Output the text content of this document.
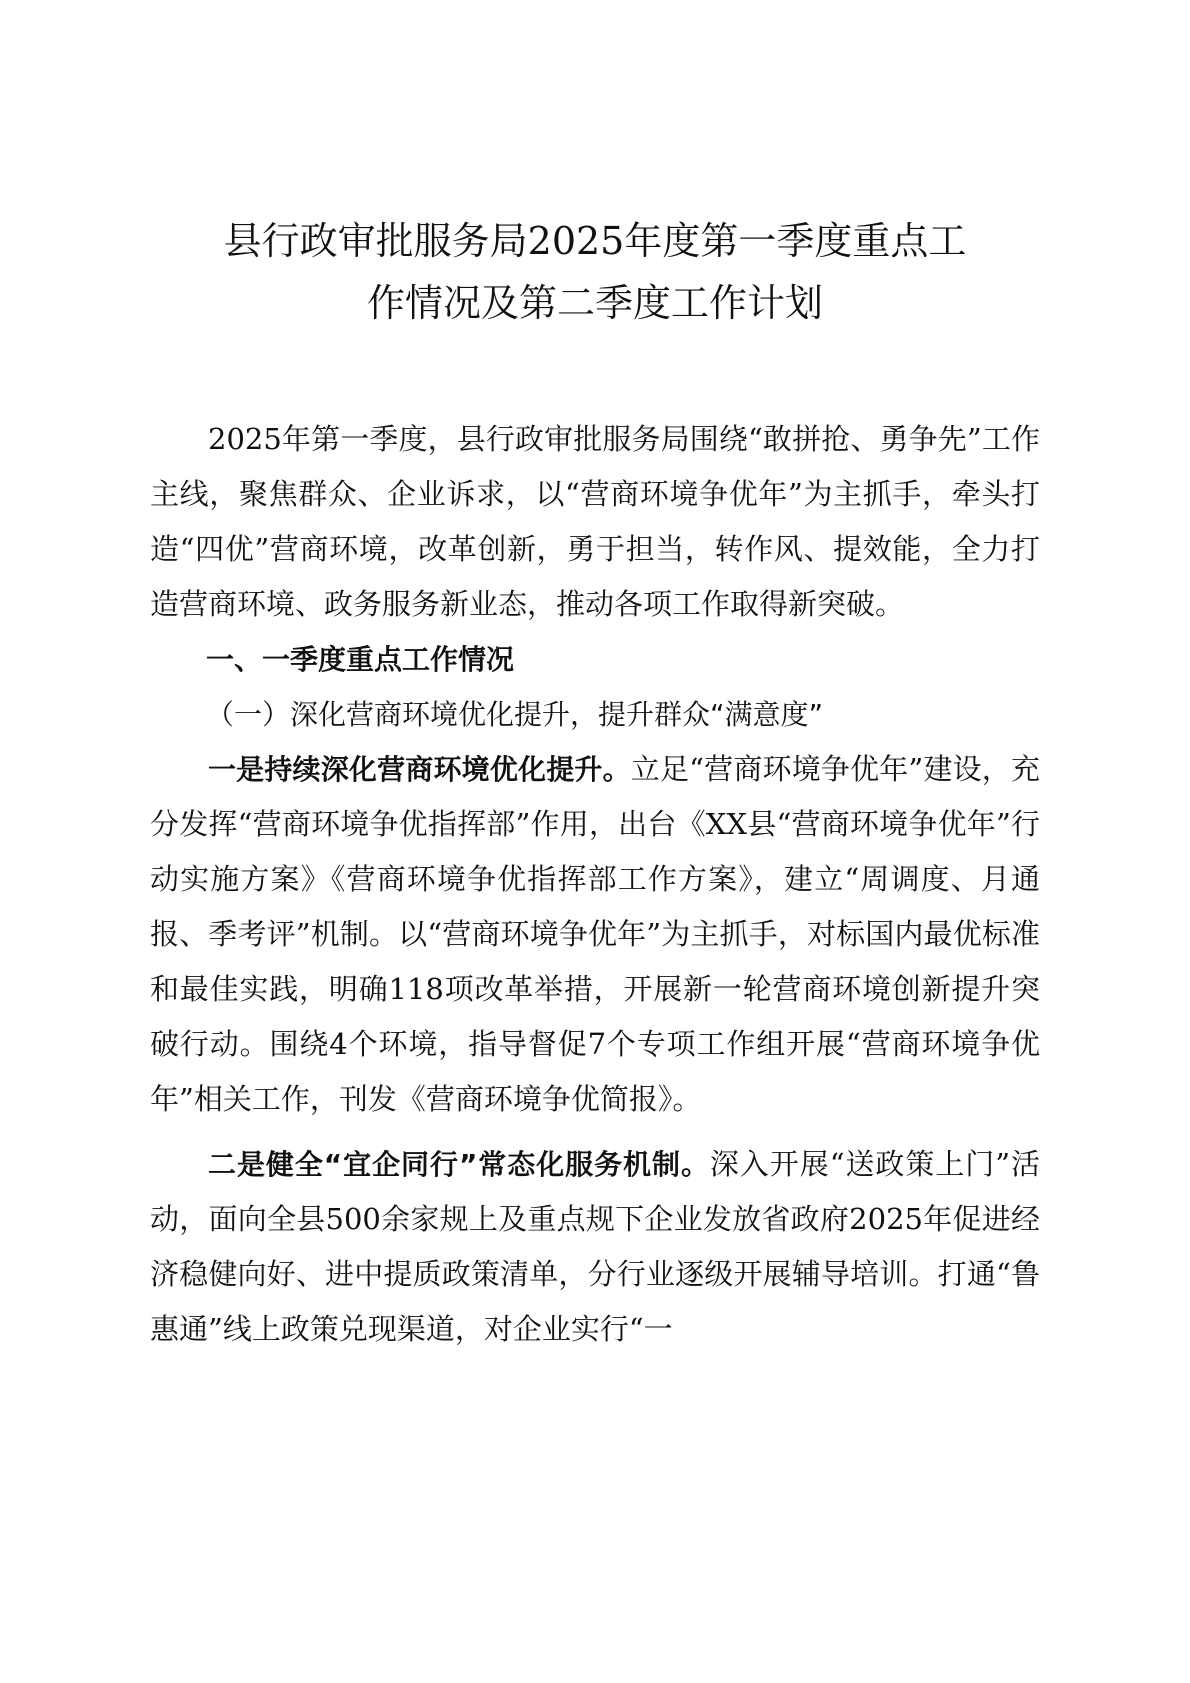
县行政审批服务局2025年度第一季度重点工
作情况及第二季度工作计划

2025年第一季度，县行政审批服务局围绕“敢拼抢、勇争先”工作主线，聚焦群众、企业诉求，以“营商环境争优年”为主抓手，牵头打造“四优”营商环境，改革创新，勇于担当，转作风、提效能，全力打造营商环境、政务服务新业态，推动各项工作取得新突破。

一、一季度重点工作情况

（一）深化营商环境优化提升，提升群众“满意度”

一是持续深化营商环境优化提升。立足“营商环境争优年”建设，充分发挥“营商环境争优指挥部”作用，出台《XX县“营商环境争优年”行动实施方案》《营商环境争优指挥部工作方案》，建立“周调度、月通报、季考评”机制。以“营商环境争优年”为主抓手，对标国内最优标准和最佳实践，明确118项改革举措，开展新一轮营商环境创新提升突破行动。围绕4个环境，指导督促7个专项工作组开展“营商环境争优年”相关工作，刊发《营商环境争优简报》。

二是健全“宜企同行”常态化服务机制。深入开展“送政策上门”活动，面向全县500余家规上及重点规下企业发放省政府2025年促进经济稳健向好、进中提质政策清单，分行业逐级开展辅导培训。打通“鲁惠通”线上政策兑现渠道，对企业实行“一
